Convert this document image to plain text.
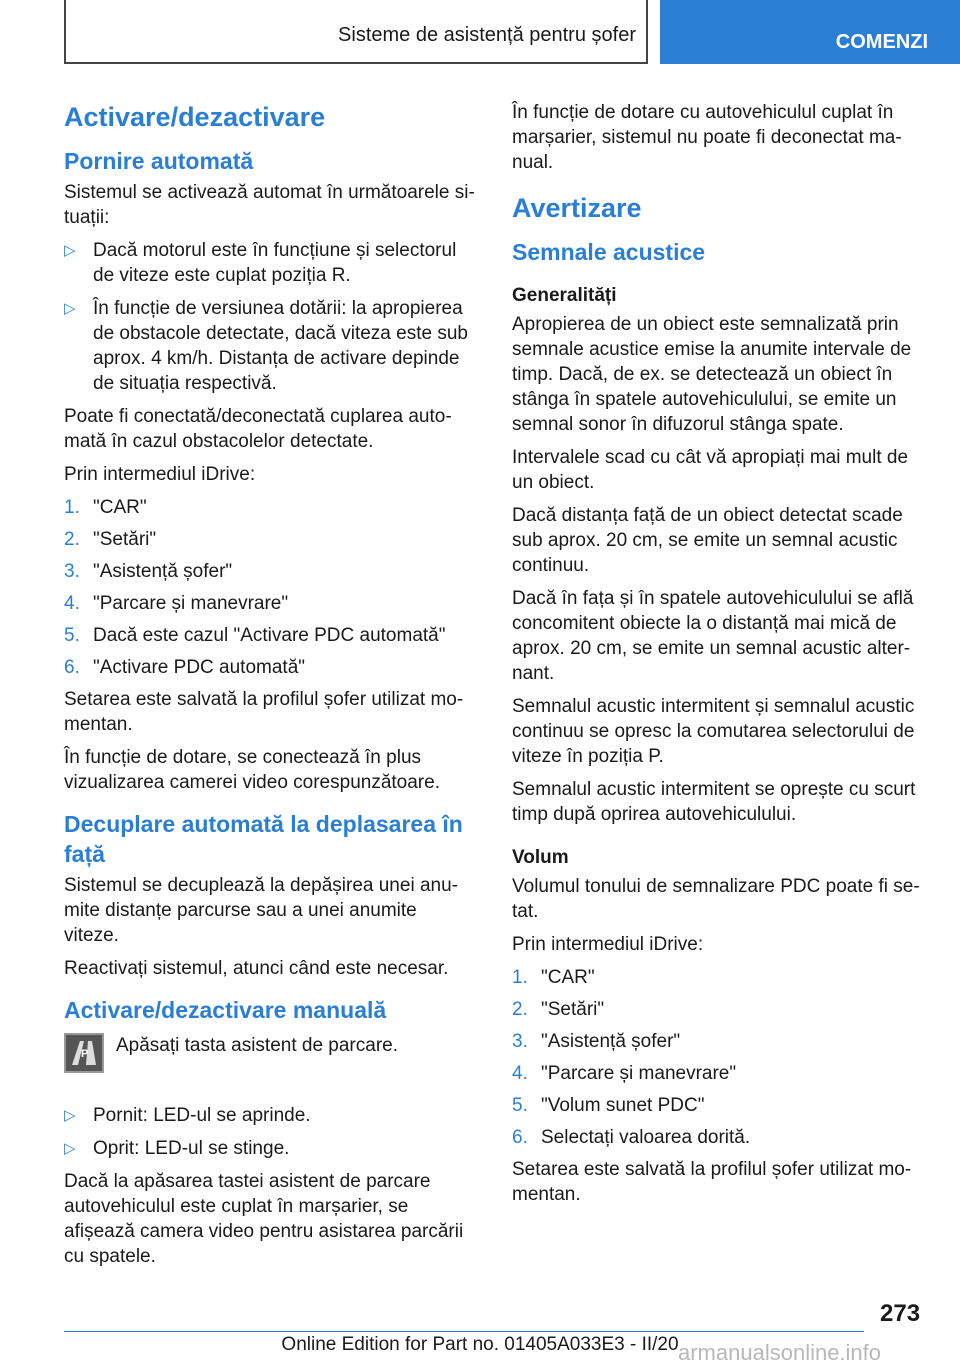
Sisteme de asistență pentru șofer	COMENZI
Activare/dezactivare
Pornire automată
Sistemul se activează automat în următoarele situații:
▷ Dacă motorul este în funcțiune și selectorul de viteze este cuplat poziția R.
▷ În funcție de versiunea dotării: la apropierea de obstacole detectate, dacă viteza este sub aprox. 4 km/h. Distanța de activare depinde de situația respectivă.
Poate fi conectată/deconectată cuplarea automată în cazul obstacolelor detectate.
Prin intermediul iDrive:
1. "CAR"
2. "Setări"
3. "Asistență șofer"
4. "Parcare și manevrare"
5. Dacă este cazul "Activare PDC automată"
6. "Activare PDC automată"
Setarea este salvată la profilul șofer utilizat momentan.
În funcție de dotare, se conectează în plus vizualizarea camerei video corespunzătoare.
Decuplare automată la deplasarea în față
Sistemul se decuplează la depășirea unei anumite distanțe parcurse sau a unei anumite viteze.
Reactivați sistemul, atunci când este necesar.
Activare/dezactivare manuală
P Apăsați tasta asistent de parcare.
▷ Pornit: LED-ul se aprinde.
▷ Oprit: LED-ul se stinge.
Dacă la apăsarea tastei asistent de parcare autovehiculul este cuplat în marșarier, se afișează camera video pentru asistarea parcării cu spatele.
În funcție de dotare cu autovehiculul cuplat în marșarier, sistemul nu poate fi deconectat manual.
Avertizare
Semnale acustice
Generalități
Apropierea de un obiect este semnalizată prin semnale acustice emise la anumite intervale de timp. Dacă, de ex. se detectează un obiect în stânga în spatele autovehiculului, se emite un semnal sonor în difuzorul stânga spate.
Intervalele scad cu cât vă apropiați mai mult de un obiect.
Dacă distanța față de un obiect detectat scade sub aprox. 20 cm, se emite un semnal acustic continuu.
Dacă în fața și în spatele autovehiculului se află concomitent obiecte la o distanță mai mică de aprox. 20 cm, se emite un semnal acustic alternant.
Semnalul acustic intermitent și semnalul acustic continuu se opresc la comutarea selectorului de viteze în poziția P.
Semnalul acustic intermitent se oprește cu scurt timp după oprirea autovehiculului.
Volum
Volumul tonului de semnalizare PDC poate fi setat.
Prin intermediul iDrive:
1. "CAR"
2. "Setări"
3. "Asistență șofer"
4. "Parcare și manevrare"
5. "Volum sunet PDC"
6. Selectați valoarea dorită.
Setarea este salvată la profilul șofer utilizat momentan.
273
Online Edition for Part no. 01405A033E3 - II/20 armanualsonline.info
